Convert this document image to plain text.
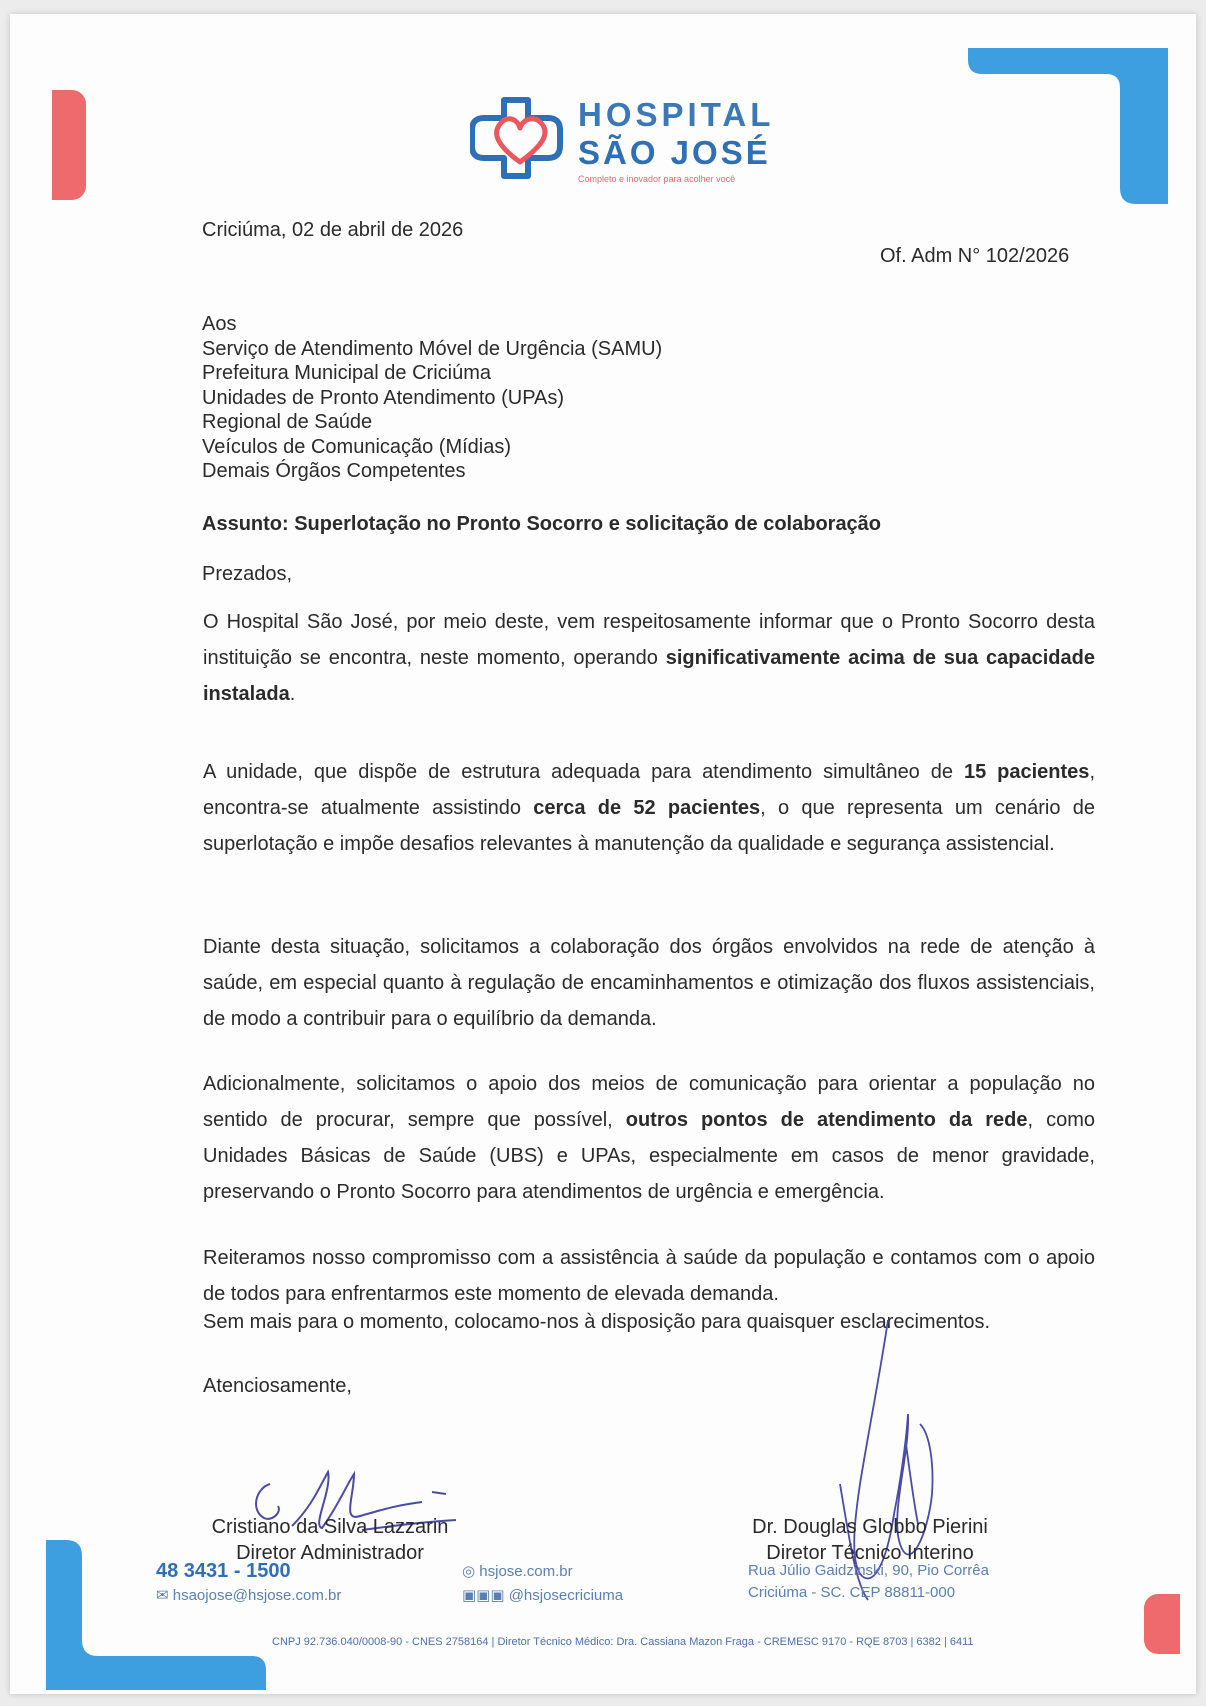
HOSPITAL
SÃO JOSÉ
Completo e inovador para acolher você
Criciúma, 02 de abril de 2026
Of. Adm N° 102/2026
Aos
Serviço de Atendimento Móvel de Urgência (SAMU)
Prefeitura Municipal de Criciúma
Unidades de Pronto Atendimento (UPAs)
Regional de Saúde
Veículos de Comunicação (Mídias)
Demais Órgãos Competentes
Assunto: Superlotação no Pronto Socorro e solicitação de colaboração
Prezados,
O Hospital São José, por meio deste, vem respeitosamente informar que o Pronto Socorro desta instituição se encontra, neste momento, operando significativamente acima de sua capacidade instalada.
A unidade, que dispõe de estrutura adequada para atendimento simultâneo de 15 pacientes, encontra-se atualmente assistindo cerca de 52 pacientes, o que representa um cenário de superlotação e impõe desafios relevantes à manutenção da qualidade e segurança assistencial.
Diante desta situação, solicitamos a colaboração dos órgãos envolvidos na rede de atenção à saúde, em especial quanto à regulação de encaminhamentos e otimização dos fluxos assistenciais, de modo a contribuir para o equilíbrio da demanda.
Adicionalmente, solicitamos o apoio dos meios de comunicação para orientar a população no sentido de procurar, sempre que possível, outros pontos de atendimento da rede, como Unidades Básicas de Saúde (UBS) e UPAs, especialmente em casos de menor gravidade, preservando o Pronto Socorro para atendimentos de urgência e emergência.
Reiteramos nosso compromisso com a assistência à saúde da população e contamos com o apoio de todos para enfrentarmos este momento de elevada demanda.
Sem mais para o momento, colocamo-nos à disposição para quaisquer esclarecimentos.
Atenciosamente,
Cristiano da Silva Lazzarin
Diretor Administrador
Dr. Douglas Globbo Pierini
Diretor Técnico Interino
48 3431 - 1500
✉ hsaojose@hsjose.com.br
◎ hsjose.com.br
▣▣▣ @hsjosecriciuma
Rua Júlio Gaidzinski, 90, Pio Corrêa
Criciúma - SC. CEP 88811-000
CNPJ 92.736.040/0008-90 - CNES 2758164 | Diretor Técnico Médico: Dra. Cassiana Mazon Fraga - CREMESC 9170 - RQE 8703 | 6382 | 6411
